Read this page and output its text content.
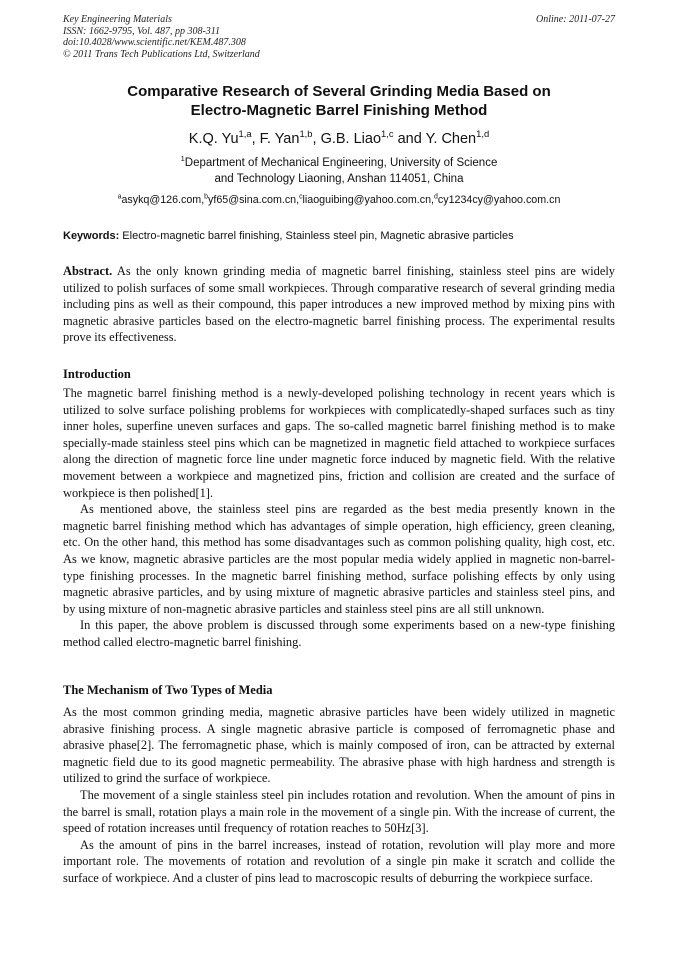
Key Engineering Materials
ISSN: 1662-9795, Vol. 487, pp 308-311
doi:10.4028/www.scientific.net/KEM.487.308
© 2011 Trans Tech Publications Ltd, Switzerland
Online: 2011-07-27
Comparative Research of Several Grinding Media Based on
Electro-Magnetic Barrel Finishing Method
K.Q. Yu$^{1,a}$, F. Yan$^{1,b}$, G.B. Liao$^{1,c}$ and Y. Chen$^{1,d}$
$^1$Department of Mechanical Engineering, University of Science
and Technology Liaoning, Anshan 114051, China
$^a$asykq@126.com,$^b$yf65@sina.com.cn,$^c$liaoguibing@yahoo.com.cn,$^d$cy1234cy@yahoo.com.cn
Keywords: Electro-magnetic barrel finishing, Stainless steel pin, Magnetic abrasive particles

Abstract. As the only known grinding media of magnetic barrel finishing, stainless steel pins are widely utilized to polish surfaces of some small workpieces. Through comparative research of several grinding media including pins as well as their compound, this paper introduces a new improved method by mixing pins with magnetic abrasive particles based on the electro-magnetic barrel finishing process. The experimental results prove its effectiveness.

Introduction

The magnetic barrel finishing method is a newly-developed polishing technology in recent years which is utilized to solve surface polishing problems for workpieces with complicatedly-shaped surfaces such as tiny inner holes, superfine uneven surfaces and gaps. The so-called magnetic barrel finishing method is to make specially-made stainless steel pins which can be magnetized in magnetic field attached to workpiece surfaces along the direction of magnetic force line under magnetic force induced by magnetic field. With the relative movement between a workpiece and magnetized pins, friction and collision are created and the surface of workpiece is then polished[1].

As mentioned above, the stainless steel pins are regarded as the best media presently known in the magnetic barrel finishing method which has advantages of simple operation, high efficiency, green cleaning, etc. On the other hand, this method has some disadvantages such as common polishing quality, high cost, etc. As we know, magnetic abrasive particles are the most popular media widely applied in magnetic non-barrel-type finishing processes. In the magnetic barrel finishing method, surface polishing effects by only using magnetic abrasive particles, and by using mixture of magnetic abrasive particles and stainless steel pins, and by using mixture of non-magnetic abrasive particles and stainless steel pins are all still unknown.

In this paper, the above problem is discussed through some experiments based on a new-type finishing method called electro-magnetic barrel finishing.

The Mechanism of Two Types of Media

As the most common grinding media, magnetic abrasive particles have been widely utilized in magnetic abrasive finishing process. A single magnetic abrasive particle is composed of ferromagnetic phase and abrasive phase[2]. The ferromagnetic phase, which is mainly composed of iron, can be attracted by external magnetic field due to its good magnetic permeability. The abrasive phase with high hardness and strength is utilized to grind the surface of workpiece.

The movement of a single stainless steel pin includes rotation and revolution. When the amount of pins in the barrel is small, rotation plays a main role in the movement of a single pin. With the increase of current, the speed of rotation increases until frequency of rotation reaches to 50Hz[3].

As the amount of pins in the barrel increases, instead of rotation, revolution will play more and more important role. The movements of rotation and revolution of a single pin make it scratch and collide the surface of workpiece. And a cluster of pins lead to macroscopic results of deburring the workpiece surface.
